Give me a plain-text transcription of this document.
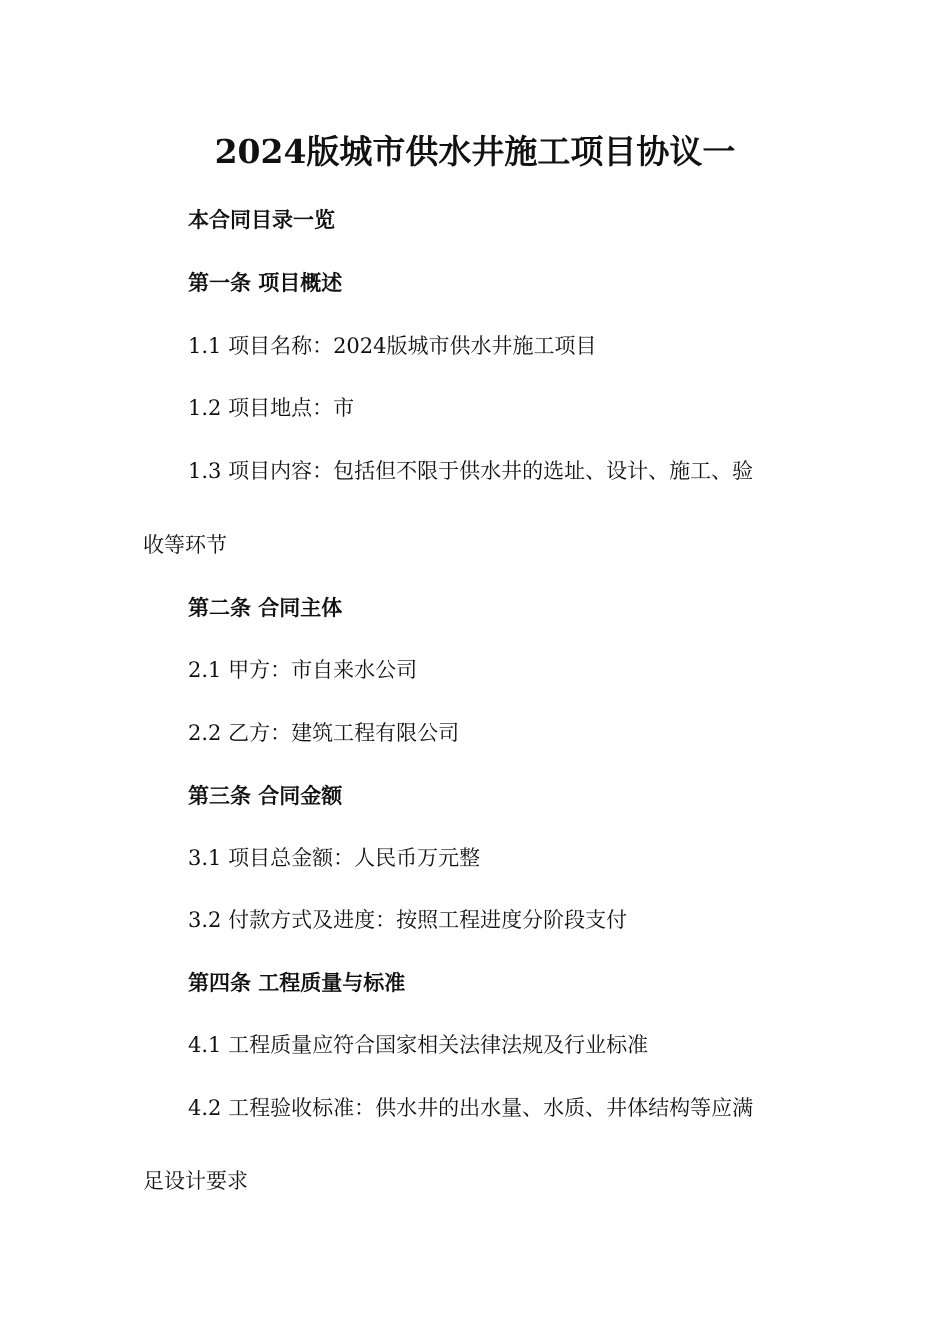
2024版城市供水井施工项目协议一

本合同目录一览

第一条 项目概述

1.1 项目名称：2024版城市供水井施工项目

1.2 项目地点：市

1.3 项目内容：包括但不限于供水井的选址、设计、施工、验

收等环节

第二条 合同主体

2.1 甲方：市自来水公司

2.2 乙方：建筑工程有限公司

第三条 合同金额

3.1 项目总金额：人民币万元整

3.2 付款方式及进度：按照工程进度分阶段支付

第四条 工程质量与标准

4.1 工程质量应符合国家相关法律法规及行业标准

4.2 工程验收标准：供水井的出水量、水质、井体结构等应满

足设计要求
